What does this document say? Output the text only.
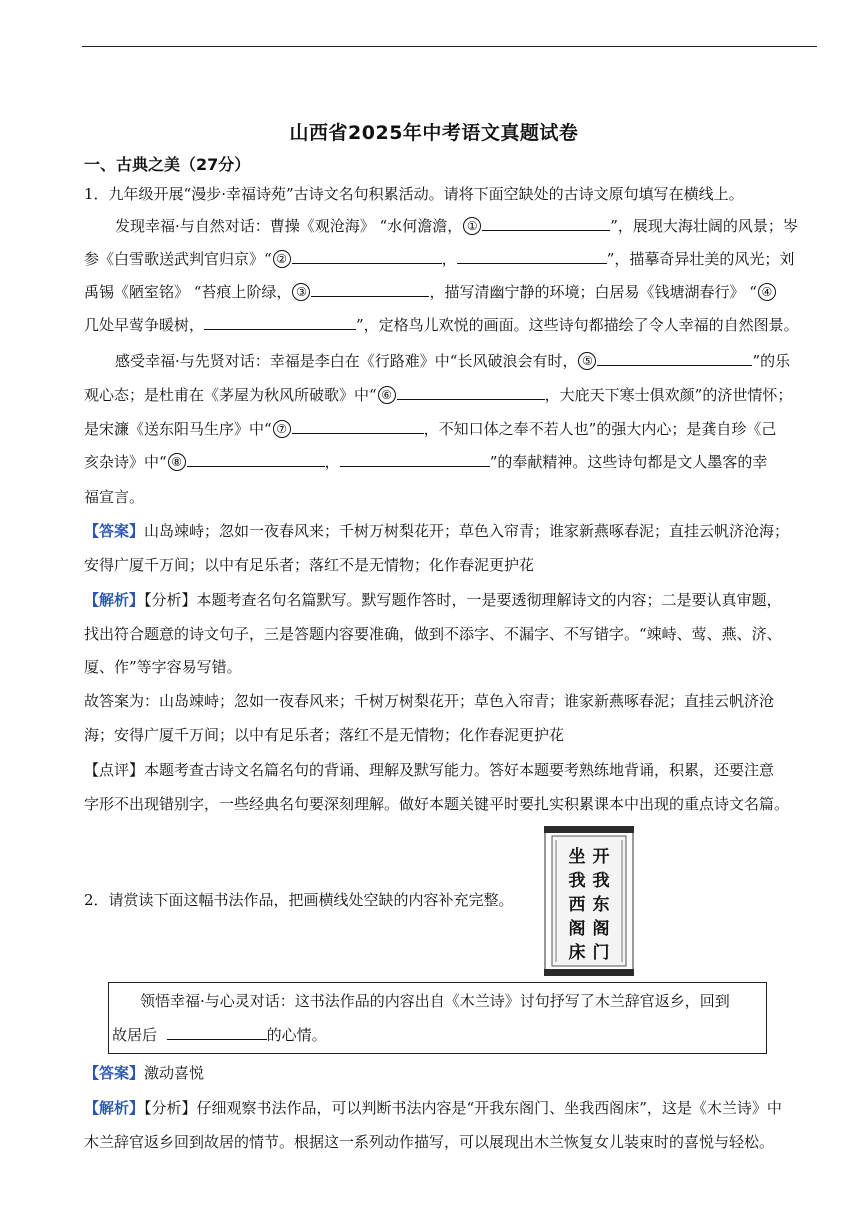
山西省2025年中考语文真题试卷
一、古典之美（27分）
1．九年级开展“漫步·幸福诗苑”古诗文名句积累活动。请将下面空缺处的古诗文原句填写在横线上。
发现幸福·与自然对话：曹操《观沧海》 “水何澹澹， ①	”，展现大海壮阔的风景；岑
参《白雪歌送武判官归京》“ ②	，	”，描摹奇异壮美的风光；刘
禹锡《陋室铭》 “苔痕上阶绿， ③	，描写清幽宁静的环境；白居易《钱塘湖春行》 “ ④
几处早莺争暖树，	”，定格鸟儿欢悦的画面。这些诗句都描绘了令人幸福的自然图景。
感受幸福·与先贤对话：幸福是李白在《行路难》中“长风破浪会有时， ⑤	”的乐
观心态；是杜甫在《茅屋为秋风所破歌》中“ ⑥	，大庇天下寒士俱欢颜”的济世情怀；
是宋濂《送东阳马生序》中“ ⑦	，不知口体之奉不若人也”的强大内心；是龚自珍《己
亥杂诗》中“ ⑧	，	”的奉献精神。这些诗句都是文人墨客的幸
福宣言。
【答案】山岛竦峙；忽如一夜春风来；千树万树梨花开；草色入帘青；谁家新燕啄春泥；直挂云帆济沧海；
安得广厦千万间；以中有足乐者；落红不是无情物；化作春泥更护花
【解析】【分析】本题考查名句名篇默写。默写题作答时，一是要透彻理解诗文的内容；二是要认真审题，
找出符合题意的诗文句子，三是答题内容要准确，做到不添字、不漏字、不写错字。“竦峙、莺、燕、济、
厦、作”等字容易写错。
故答案为：山岛竦峙；忽如一夜春风来；千树万树梨花开；草色入帘青；谁家新燕啄春泥；直挂云帆济沧
海；安得广厦千万间；以中有足乐者；落红不是无情物；化作春泥更护花
【点评】本题考查古诗文名篇名句的背诵、理解及默写能力。答好本题要考熟练地背诵，积累，还要注意
字形不出现错别字，一些经典名句要深刻理解。做好本题关键平时要扎实积累课本中出现的重点诗文名篇。
2．请赏读下面这幅书法作品，把画横线处空缺的内容补充完整。
开
我
东
阁
门
坐
我
西
阁
床
领悟幸福·与心灵对话：这书法作品的内容出自《木兰诗》讨句抒写了木兰辞官返乡，回到
故居后	的心情。
【答案】激动喜悦
【解析】【分析】仔细观察书法作品，可以判断书法内容是“开我东阁门、坐我西阁床”，这是《木兰诗》中
木兰辞官返乡回到故居的情节。根据这一系列动作描写，可以展现出木兰恢复女儿装束时的喜悦与轻松。
